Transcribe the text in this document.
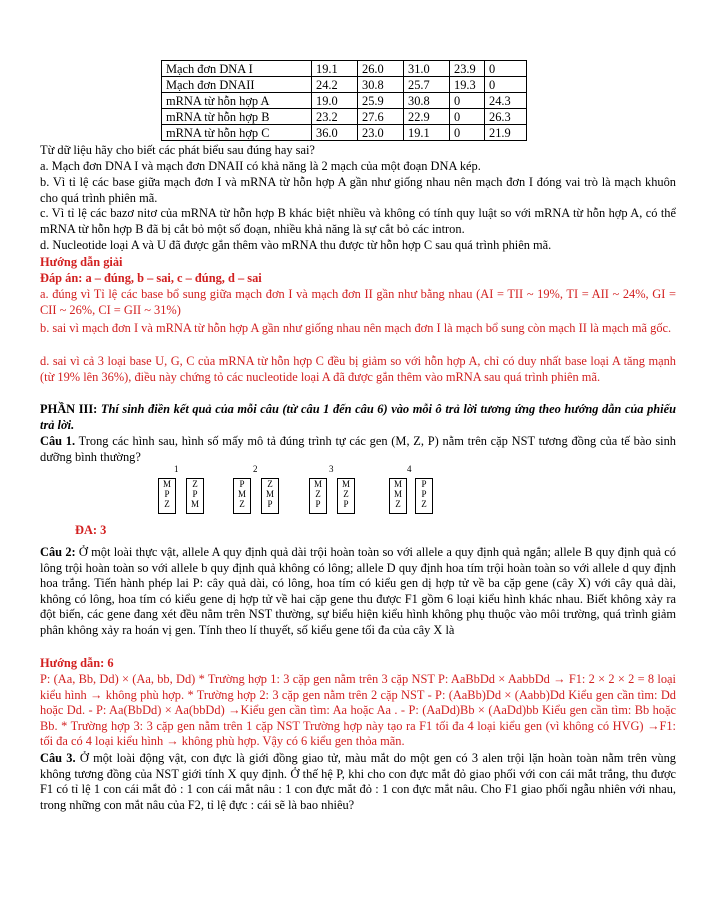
Mạch đơn DNA I	19.1	26.0	31.0	23.9	0
Mạch đơn DNAII	24.2	30.8	25.7	19.3	0
mRNA từ hỗn hợp A	19.0	25.9	30.8	0	24.3
mRNA từ hỗn hợp B	23.2	27.6	22.9	0	26.3
mRNA từ hỗn hợp C	36.0	23.0	19.1	0	21.9

Từ dữ liệu hãy cho biết các phát biểu sau đúng hay sai?

a. Mạch đơn DNA I và mạch đơn DNAII có khả năng là 2 mạch của một đoạn DNA kép.

b. Vì tỉ lệ các base giữa mạch đơn I và mRNA từ hỗn hợp A gần như giống nhau nên mạch đơn I đóng vai trò là mạch khuôn cho quá trình phiên mã.

c. Vì tỉ lệ các bazơ nitơ của mRNA từ hỗn hợp B khác biệt nhiều và không có tính quy luật so với mRNA từ hỗn hợp A, có thể mRNA từ hỗn hợp B đã bị cắt bỏ một số đoạn, nhiều khả năng là sự cắt bỏ các intron.

d. Nucleotide loại A và U đã được gắn thêm vào mRNA thu được từ hỗn hợp C sau quá trình phiên mã.

Hướng dẫn giải

Đáp án: a – đúng, b – sai, c – đúng, d – sai

a. đúng vì Tỉ lệ các base bổ sung giữa mạch đơn I và mạch đơn II gần như bằng nhau (AI = TII ~ 19%, TI = AII ~ 24%, GI = CII ~ 26%, CI = GII ~ 31%)

b. sai vì mạch đơn I và mRNA từ hỗn hợp A gần như giống nhau nên mạch đơn I là mạch bổ sung còn mạch II là mạch mã gốc.

d. sai vì cả 3 loại base U, G, C của mRNA từ hỗn hợp C đều bị giảm so với hỗn hợp A, chỉ có duy nhất base loại A tăng mạnh (từ 19% lên 36%), điều này chứng tỏ các nucleotide loại A đã được gắn thêm vào mRNA sau quá trình phiên mã.

PHẦN III: Thí sinh điền kết quả của mỗi câu (từ câu 1 đến câu 6) vào mỗi ô trả lời tương ứng theo hướng dẫn của phiếu trả lời.

Câu 1. Trong các hình sau, hình số mấy mô tả đúng trình tự các gen (M, Z, P) nằm trên cặp NST tương đồng của tế bào sinh dưỡng bình thường?

1
M
P
Z
Z
P
M
2
P
M
Z
Z
M
P
3
M
Z
P
M
Z
P
4
M
M
Z
P
P
Z
ĐA: 3

Câu 2: Ở một loài thực vật, allele A quy định quả dài trội hoàn toàn so với allele a quy định quả ngắn; allele B quy định quả có lông trội hoàn toàn so với allele b quy định quả không có lông; allele D quy định hoa tím trội hoàn toàn so với allele d quy định hoa trắng. Tiến hành phép lai P: cây quả dài, có lông, hoa tím có kiểu gen dị hợp tử về ba cặp gene (cây X) với cây quả dài, không có lông, hoa tím có kiểu gene dị hợp tử về hai cặp gene thu được F1 gồm 6 loại kiểu hình khác nhau. Biết không xảy ra đột biến, các gene đang xét đều nằm trên NST thường, sự biểu hiện kiểu hình không phụ thuộc vào môi trường, quá trình giảm phân không xảy ra hoán vị gen. Tính theo lí thuyết, số kiểu gene tối đa của cây X là

Hướng dẫn: 6

P: (Aa, Bb, Dd) × (Aa, bb, Dd) * Trường hợp 1: 3 cặp gen nằm trên 3 cặp NST P: AaBbDd × AabbDd → F1: 2 × 2 × 2 = 8 loại kiểu hình → không phù hợp. * Trường hợp 2: 3 cặp gen nằm trên 2 cặp NST - P: (AaBb)Dd × (Aabb)Dd Kiểu gen cần tìm: Dd hoặc Dd. - P: Aa(BbDd) × Aa(bbDd) →Kiểu gen cần tìm: Aa hoặc Aa . - P: (AaDd)Bb × (AaDd)bb Kiểu gen cần tìm: Bb hoặc Bb. * Trường hợp 3: 3 cặp gen nằm trên 1 cặp NST Trường hợp này tạo ra F1 tối đa 4 loại kiểu gen (vì không có HVG) →F1: tối đa có 4 loại kiểu hình → không phù hợp. Vậy có 6 kiểu gen thỏa mãn.

Câu 3. Ở một loài động vật, con đực là giới đồng giao tử, màu mắt do một gen có 3 alen trội lặn hoàn toàn nằm trên vùng không tương đồng của NST giới tính X quy định. Ở thế hệ P, khi cho con đực mắt đỏ giao phối với con cái mắt trắng, thu được F1 có tỉ lệ 1 con cái mắt đỏ : 1 con cái mắt nâu : 1 con đực mắt đỏ : 1 con đực mắt nâu. Cho F1 giao phối ngẫu nhiên với nhau, trong những con mắt nâu của F2, tỉ lệ đực : cái sẽ là bao nhiêu?
